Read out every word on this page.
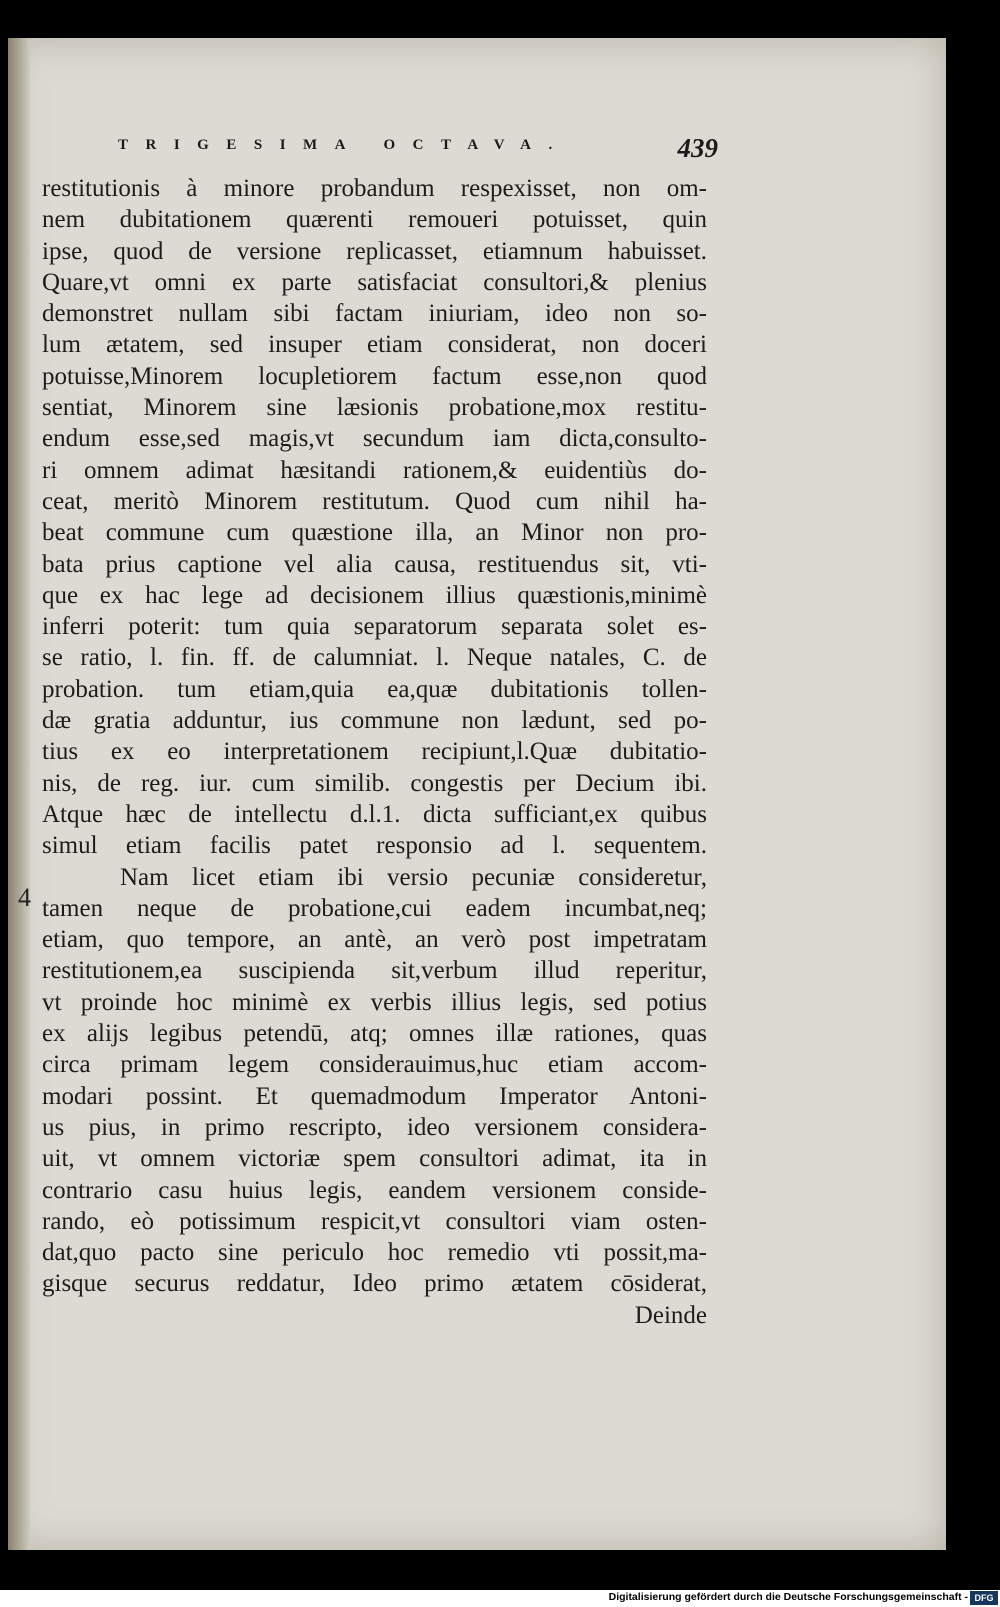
TRIGESIMA OCTAVA.	439
4
restitutionis à minore probandum respexisset, non om-
nem dubitationem quærenti remoueri potuisset, quin
ipse, quod de versione replicasset, etiamnum habuisset.
Quare,vt omni ex parte satisfaciat consultori,& plenius
demonstret nullam sibi factam iniuriam, ideo non so-
lum ætatem, sed insuper etiam considerat, non doceri
potuisse,Minorem locupletiorem factum esse,non quod
sentiat, Minorem sine læsionis probatione,mox restitu-
endum esse,sed magis,vt secundum iam dicta,consulto-
ri omnem adimat hæsitandi rationem,& euidentiùs do-
ceat, meritò Minorem restitutum. Quod cum nihil ha-
beat commune cum quæstione illa, an Minor non pro-
bata prius captione vel alia causa, restituendus sit, vti-
que ex hac lege ad decisionem illius quæstionis,minimè
inferri poterit: tum quia separatorum separata solet es-
se ratio, l. fin. ff. de calumniat. l. Neque natales, C. de
probation. tum etiam,quia ea,quæ dubitationis tollen-
dæ gratia adduntur, ius commune non lædunt, sed po-
tius ex eo interpretationem recipiunt,l.Quæ dubitatio-
nis, de reg. iur. cum similib. congestis per Decium ibi.
Atque hæc de intellectu d.l.1. dicta sufficiant,ex quibus
simul etiam facilis patet responsio ad l. sequentem.
Nam licet etiam ibi versio pecuniæ consideretur,
tamen neque de probatione,cui eadem incumbat,neq;
etiam, quo tempore, an antè, an verò post impetratam
restitutionem,ea suscipienda sit,verbum illud reperitur,
vt proinde hoc minimè ex verbis illius legis, sed potius
ex alijs legibus petendū, atq; omnes illæ rationes, quas
circa primam legem considerauimus,huc etiam accom-
modari possint. Et quemadmodum Imperator Antoni-
us pius, in primo rescripto, ideo versionem considera-
uit, vt omnem victoriæ spem consultori adimat, ita in
contrario casu huius legis, eandem versionem conside-
rando, eò potissimum respicit,vt consultori viam osten-
dat,quo pacto sine periculo hoc remedio vti possit,ma-
gisque securus reddatur, Ideo primo ætatem cōsiderat,
Deinde
Digitalisierung gefördert durch die Deutsche Forschungsgemeinschaft - DFG
